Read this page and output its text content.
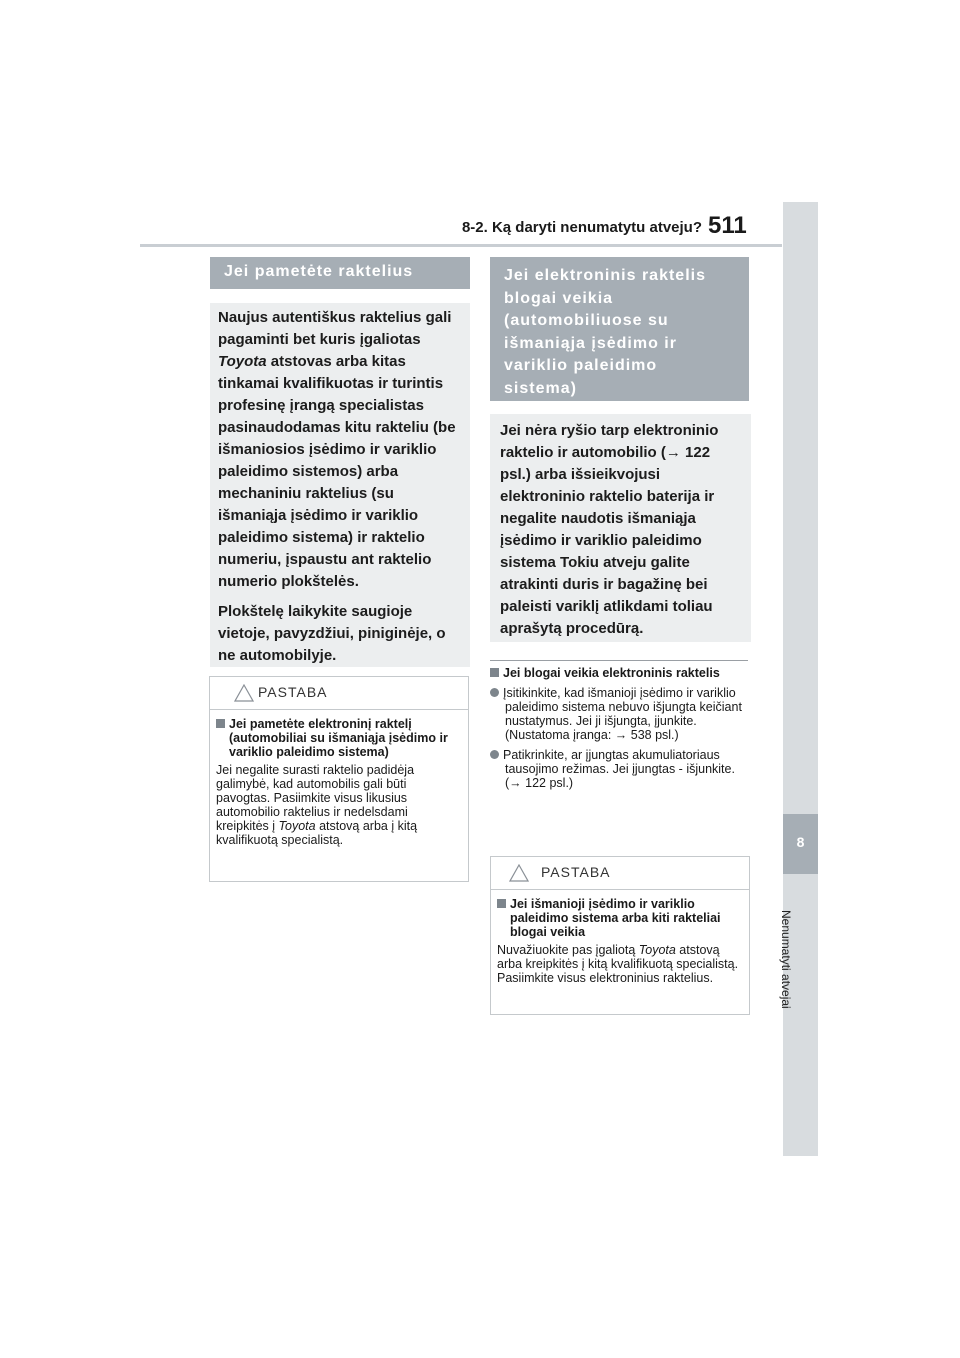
8-2. Ką daryti nenumatytu atveju? 511
8
Nenumatyti atvejai
Jei pametėte raktelius

Naujus autentiškus raktelius gali pagaminti bet kuris įgaliotas Toyota atstovas arba kitas tinkamai kvalifikuotas ir turintis profesinę įrangą specialistas pasinaudodamas kitu rakteliu (be išmaniosios įsėdimo ir variklio paleidimo sistemos) arba mechaniniu raktelius (su išmaniąja įsėdimo ir variklio paleidimo sistema) ir raktelio numeriu, įspaustu ant raktelio numerio plokštelės.

Plokštelę laikykite saugioje vietoje, pavyzdžiui, piniginėje, o ne automobilyje.

PASTABA

Jei pametėte elektroninį raktelį (automobiliai su išmaniąja įsėdimo ir variklio paleidimo sistema)

Jei negalite surasti raktelio padidėja galimybė, kad automobilis gali būti pavogtas. Pasiimkite visus likusius automobilio raktelius ir nedelsdami kreipkitės į Toyota atstovą arba į kitą kvalifikuotą specialistą.

Jei elektroninis raktelis blogai veikia (automobiliuose su išmaniąja įsėdimo ir variklio paleidimo sistema)

Jei nėra ryšio tarp elektroninio raktelio ir automobilio (→ 122 psl.) arba išsieikvojusi elektroninio raktelio baterija ir negalite naudotis išmaniąja įsėdimo ir variklio paleidimo sistema Tokiu atveju galite atrakinti duris ir bagažinę bei paleisti variklį atlikdami toliau aprašytą procedūrą.

Jei blogai veikia elektroninis raktelis

Įsitikinkite, kad išmanioji įsėdimo ir variklio paleidimo sistema nebuvo išjungta keičiant nustatymus. Jei ji išjungta, įjunkite. (Nustatoma įranga: → 538 psl.)

Patikrinkite, ar įjungtas akumuliatoriaus tausojimo režimas. Jei įjungtas - išjunkite. (→ 122 psl.)

PASTABA

Jei išmanioji įsėdimo ir variklio paleidimo sistema arba kiti rakteliai blogai veikia

Nuvažiuokite pas įgaliotą Toyota atstovą arba kreipkitės į kitą kvalifikuotą specialistą. Pasiimkite visus elektroninius raktelius.
